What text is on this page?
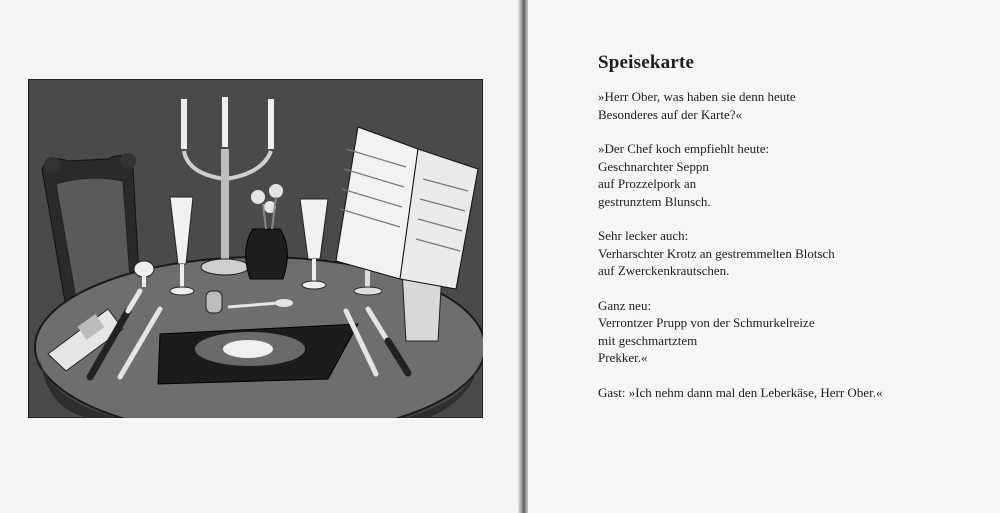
Speisekarte
»Herr Ober, was haben sie denn heute
Besonderes auf der Karte?«
»Der Chef koch empfiehlt heute:
Geschnarchter Seppn
auf Prozzelpork an
gestrunztem Blunsch.
Sehr lecker auch:
Verharschter Krotz an gestremmelten Blotsch
auf Zwerckenkrautschen.
Ganz neu:
Verrontzer Prupp von der Schmurkelreize
mit geschmartztem
Prekker.«
Gast: »Ich nehm dann mal den Leberkäse, Herr Ober.«
